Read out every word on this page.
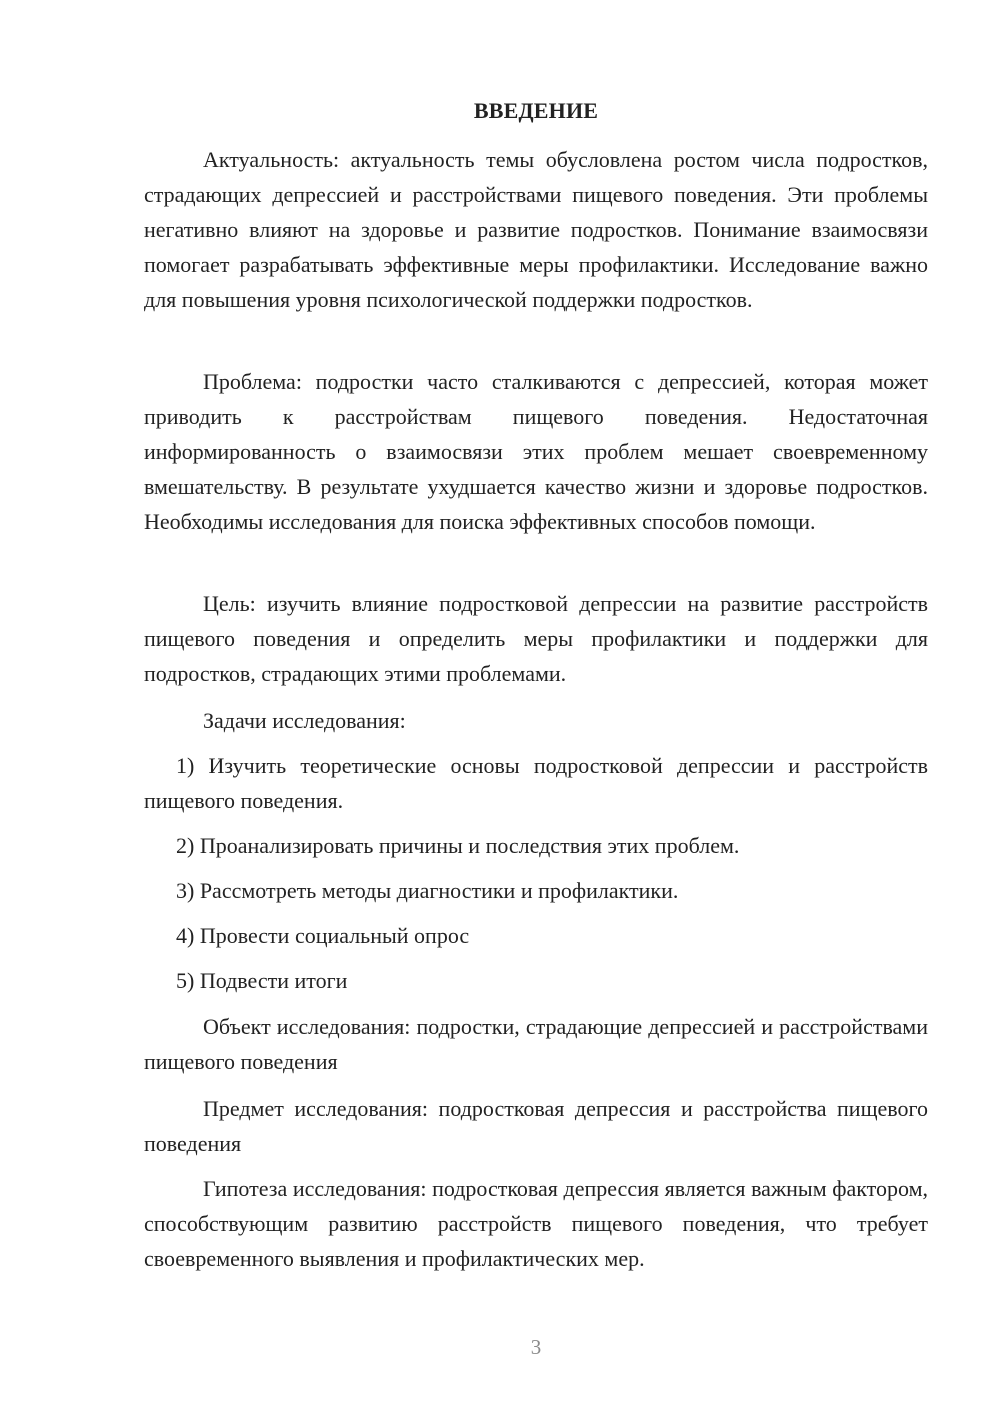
ВВЕДЕНИЕ

Актуальность: актуальность темы обусловлена ростом числа подростков, страдающих депрессией и расстройствами пищевого поведения. Эти проблемы негативно влияют на здоровье и развитие подростков. Понимание взаимосвязи помогает разрабатывать эффективные меры профилактики. Исследование важно для повышения уровня психологической поддержки подростков.

Проблема: подростки часто сталкиваются с депрессией, которая может приводить к расстройствам пищевого поведения. Недостаточная информированность о взаимосвязи этих проблем мешает своевременному вмешательству. В результате ухудшается качество жизни и здоровье подростков. Необходимы исследования для поиска эффективных способов помощи.

Цель: изучить влияние подростковой депрессии на развитие расстройств пищевого поведения и определить меры профилактики и поддержки для подростков, страдающих этими проблемами.

Задачи исследования:

1) Изучить теоретические основы подростковой депрессии и расстройств пищевого поведения.

2) Проанализировать причины и последствия этих проблем.

3) Рассмотреть методы диагностики и профилактики.

4) Провести социальный опрос

5) Подвести итоги

Объект исследования: подростки, страдающие депрессией и расстройствами пищевого поведения

Предмет исследования: подростковая депрессия и расстройства пищевого поведения

Гипотеза исследования: подростковая депрессия является важным фактором, способствующим развитию расстройств пищевого поведения, что требует своевременного выявления и профилактических мер.

3
